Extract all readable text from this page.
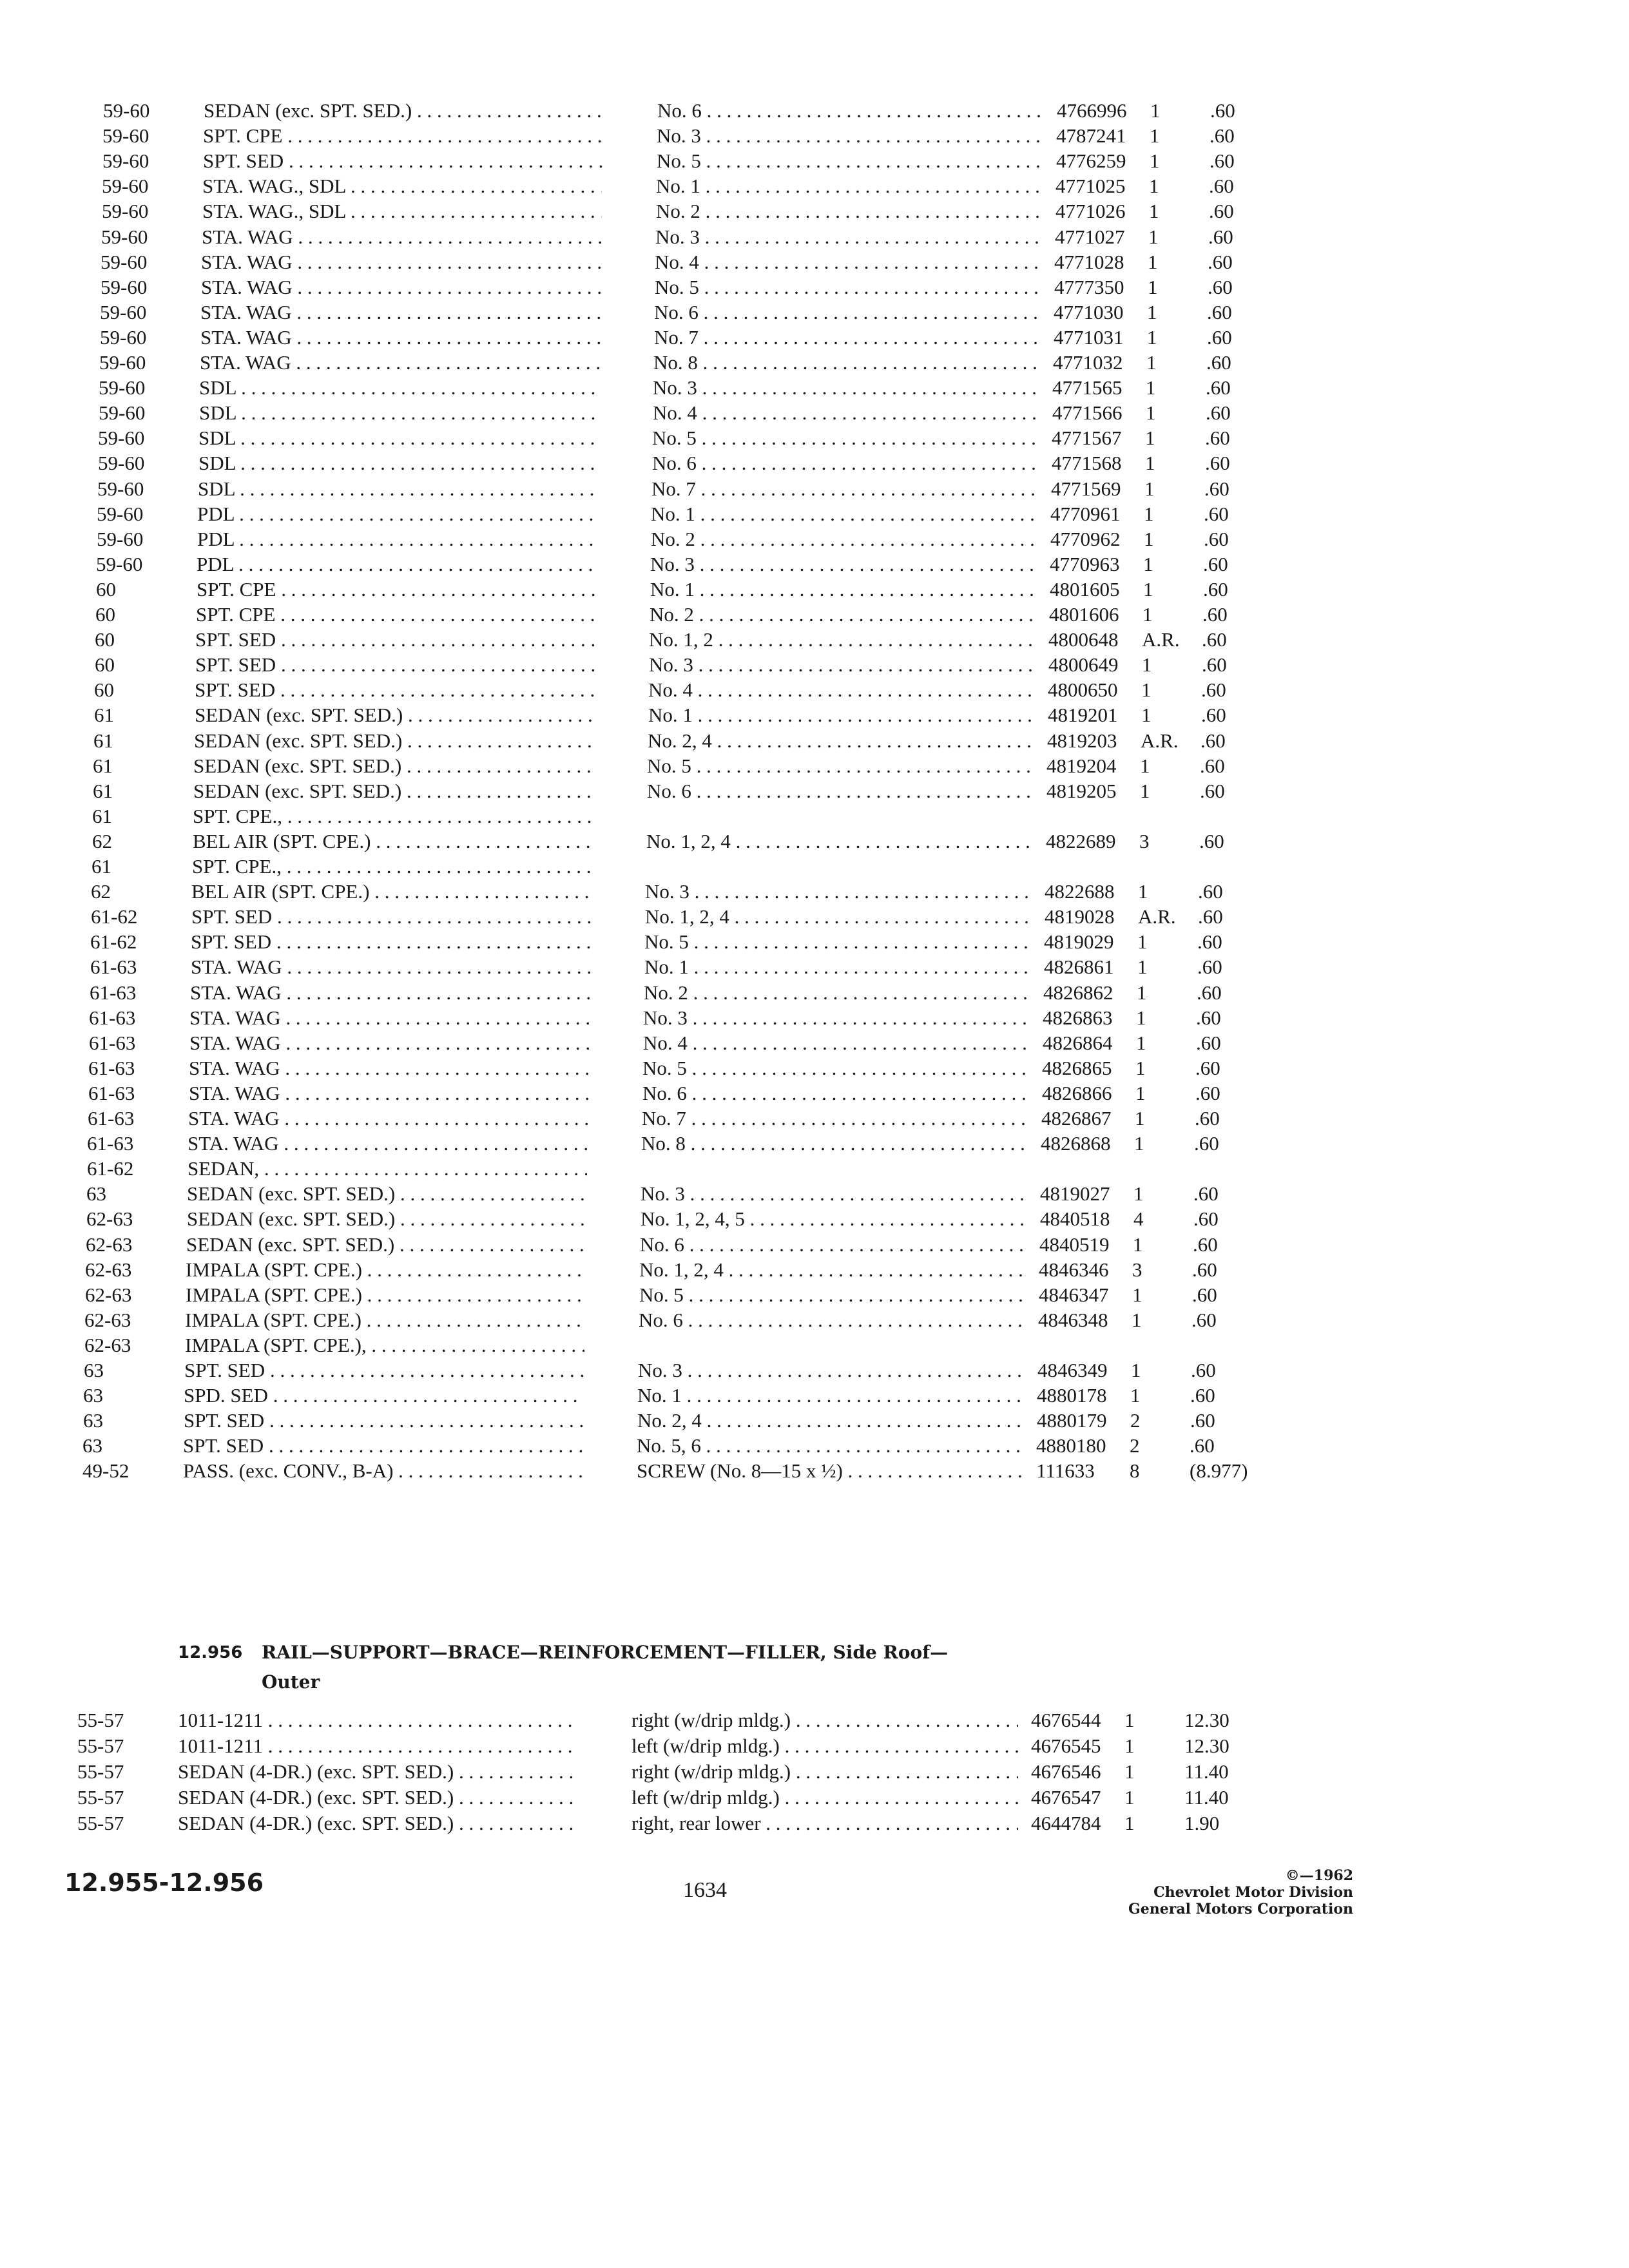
59-60	SEDAN (exc. SPT. SED.) . . .	No. 6 . . .	4766996 1	.60
59-60	SPT. CPE . . .	No. 3 . . .	4787241 1	.60
59-60	SPT. SED . . .	No. 5 . . .	4776259 1	.60
59-60	STA. WAG., SDL . . .	No. 1 . . .	4771025 1	.60
59-60	STA. WAG., SDL . . .	No. 2 . . .	4771026 1	.60
59-60	STA. WAG . . .	No. 3 . . .	4771027 1	.60
59-60	STA. WAG . . .	No. 4 . . .	4771028 1	.60
59-60	STA. WAG . . .	No. 5 . . .	4777350 1	.60
59-60	STA. WAG . . .	No. 6 . . .	4771030 1	.60
59-60	STA. WAG . . .	No. 7 . . .	4771031 1	.60
59-60	STA. WAG . . .	No. 8 . . .	4771032 1	.60
59-60	SDL . . .	No. 3 . . .	4771565 1	.60
59-60	SDL . . .	No. 4 . . .	4771566 1	.60
59-60	SDL . . .	No. 5 . . .	4771567 1	.60
59-60	SDL . . .	No. 6 . . .	4771568 1	.60
59-60	SDL . . .	No. 7 . . .	4771569 1	.60
59-60	PDL . . .	No. 1 . . .	4770961 1	.60
59-60	PDL . . .	No. 2 . . .	4770962 1	.60
59-60	PDL . . .	No. 3 . . .	4770963 1	.60
60	SPT. CPE . . .	No. 1 . . .	4801605 1	.60
60	SPT. CPE . . .	No. 2 . . .	4801606 1	.60
60	SPT. SED . . .	No. 1, 2 . . .	4800648 A.R. .60
60	SPT. SED . . .	No. 3 . . .	4800649 1	.60
60	SPT. SED . . .	No. 4 . . .	4800650 1	.60
61	SEDAN (exc. SPT. SED.) . . .	No. 1 . . .	4819201 1	.60
61	SEDAN (exc. SPT. SED.) . . .	No. 2, 4 . . .	4819203 A.R. .60
61	SEDAN (exc. SPT. SED.) . . .	No. 5 . . .	4819204 1	.60
61	SEDAN (exc. SPT. SED.) . . .	No. 6 . . .	4819205 1	.60
61	SPT. CPE., . . .
62	BEL AIR (SPT. CPE.) . . .	No. 1, 2, 4 . . .	4822689 3	.60
61	SPT. CPE., . . .
62	BEL AIR (SPT. CPE.) . . .	No. 3 . . .	4822688 1	.60
61-62	SPT. SED . . .	No. 1, 2, 4 . . .	4819028 A.R. .60
61-62	SPT. SED . . .	No. 5 . . .	4819029 1	.60
61-63	STA. WAG . . .	No. 1 . . .	4826861 1	.60
61-63	STA. WAG . . .	No. 2 . . .	4826862 1	.60
61-63	STA. WAG . . .	No. 3 . . .	4826863 1	.60
61-63	STA. WAG . . .	No. 4 . . .	4826864 1	.60
61-63	STA. WAG . . .	No. 5 . . .	4826865 1	.60
61-63	STA. WAG . . .	No. 6 . . .	4826866 1	.60
61-63	STA. WAG . . .	No. 7 . . .	4826867 1	.60
61-63	STA. WAG . . .	No. 8 . . .	4826868 1	.60
61-62	SEDAN, . . .
63	SEDAN (exc. SPT. SED.) . . .	No. 3 . . .	4819027 1	.60
62-63	SEDAN (exc. SPT. SED.) . . .	No. 1, 2, 4, 5 . . .	4840518 4	.60
62-63	SEDAN (exc. SPT. SED.) . . .	No. 6 . . .	4840519 1	.60
62-63	IMPALA (SPT. CPE.) . . .	No. 1, 2, 4 . . .	4846346 3	.60
62-63	IMPALA (SPT. CPE.) . . .	No. 5 . . .	4846347 1	.60
62-63	IMPALA (SPT. CPE.) . . .	No. 6 . . .	4846348 1	.60
62-63	IMPALA (SPT. CPE.), . . .
63	SPT. SED . . .	No. 3 . . .	4846349 1	.60
63	SPD. SED . . .	No. 1 . . .	4880178 1	.60
63	SPT. SED . . .	No. 2, 4 . . .	4880179 2	.60
63	SPT. SED . . .	No. 5, 6 . . .	4880180 2	.60
49-52	PASS. (exc. CONV., B-A) . . .	SCREW (No. 8—15 x ½) . . .	111633 8	(8.977)
12.956	RAIL—SUPPORT—BRACE—REINFORCEMENT—FILLER, Side Roof—
Outer
55-57	1011-1211 . . .	right (w/drip mldg.) . . .	4676544 1	12.30
55-57	1011-1211 . . .	left (w/drip mldg.) . . .	4676545 1	12.30
55-57	SEDAN (4-DR.) (exc. SPT. SED.) . . .	right (w/drip mldg.) . . .	4676546 1	11.40
55-57	SEDAN (4-DR.) (exc. SPT. SED.) . . .	left (w/drip mldg.) . . .	4676547 1	11.40
55-57	SEDAN (4-DR.) (exc. SPT. SED.) . . .	right, rear lower . . .	4644784 1	1.90
12.955-12.956	1634
©—1962
Chevrolet Motor Division
General Motors Corporation
